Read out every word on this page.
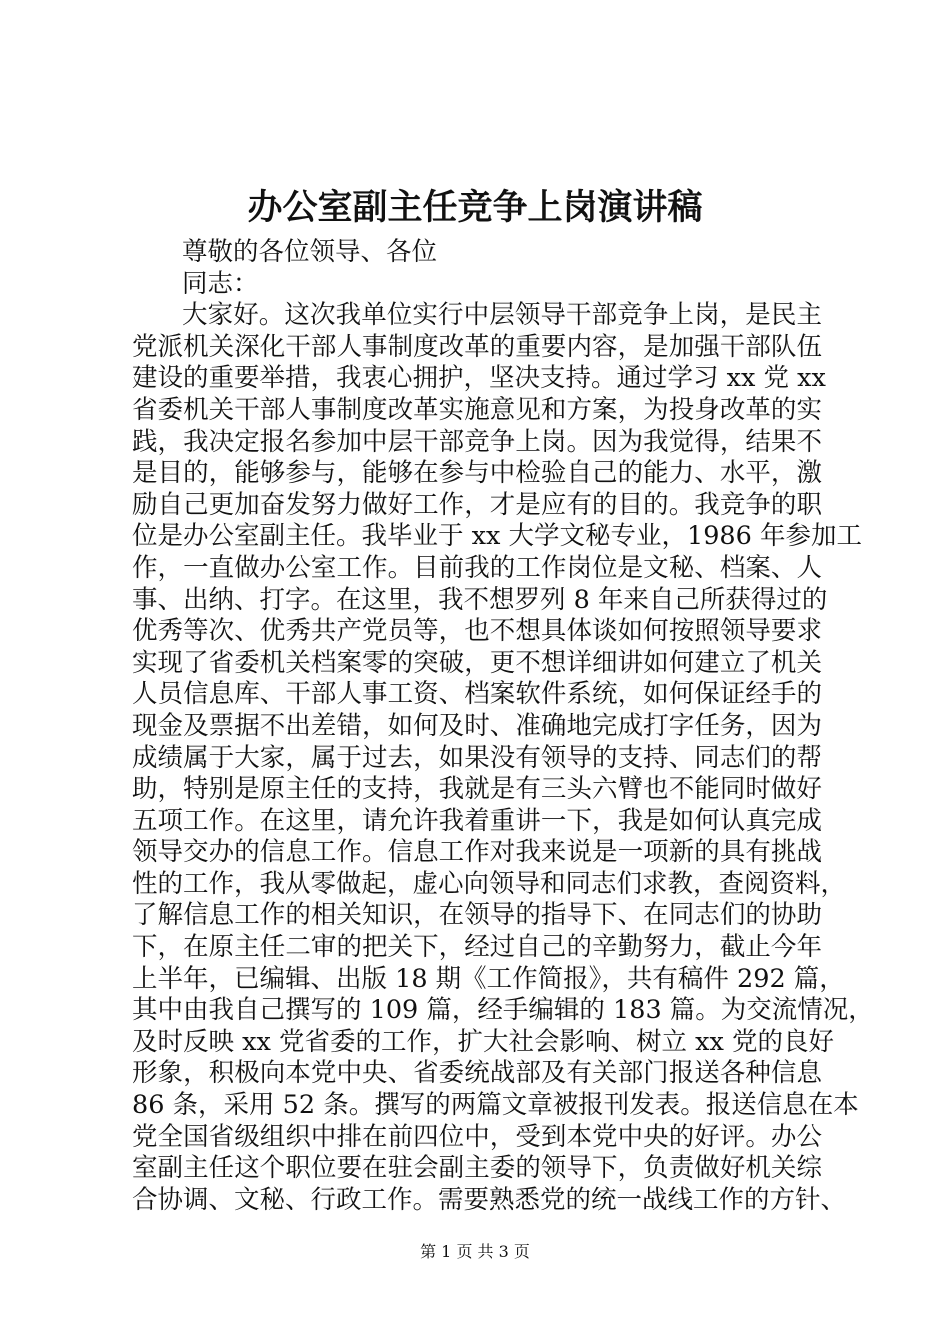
办公室副主任竞争上岗演讲稿
尊敬的各位领导、各位
同志：
大家好。这次我单位实行中层领导干部竞争上岗，是民主
党派机关深化干部人事制度改革的重要内容，是加强干部队伍
建设的重要举措，我衷心拥护，坚决支持。通过学习 xx 党 xx
省委机关干部人事制度改革实施意见和方案，为投身改革的实
践，我决定报名参加中层干部竞争上岗。因为我觉得，结果不
是目的，能够参与，能够在参与中检验自己的能力、水平，激
励自己更加奋发努力做好工作，才是应有的目的。我竞争的职
位是办公室副主任。我毕业于 xx 大学文秘专业，1986 年参加工
作，一直做办公室工作。目前我的工作岗位是文秘、档案、人
事、出纳、打字。在这里，我不想罗列 8 年来自己所获得过的
优秀等次、优秀共产党员等，也不想具体谈如何按照领导要求
实现了省委机关档案零的突破，更不想详细讲如何建立了机关
人员信息库、干部人事工资、档案软件系统，如何保证经手的
现金及票据不出差错，如何及时、准确地完成打字任务，因为
成绩属于大家，属于过去，如果没有领导的支持、同志们的帮
助，特别是原主任的支持，我就是有三头六臂也不能同时做好
五项工作。在这里，请允许我着重讲一下，我是如何认真完成
领导交办的信息工作。信息工作对我来说是一项新的具有挑战
性的工作，我从零做起，虚心向领导和同志们求教，查阅资料，
了解信息工作的相关知识，在领导的指导下、在同志们的协助
下，在原主任二审的把关下，经过自己的辛勤努力，截止今年
上半年，已编辑、出版 18 期《工作简报》，共有稿件 292 篇，
其中由我自己撰写的 109 篇，经手编辑的 183 篇。为交流情况，
及时反映 xx 党省委的工作，扩大社会影响、树立 xx 党的良好
形象，积极向本党中央、省委统战部及有关部门报送各种信息
86 条，采用 52 条。撰写的两篇文章被报刊发表。报送信息在本
党全国省级组织中排在前四位中，受到本党中央的好评。办公
室副主任这个职位要在驻会副主委的领导下，负责做好机关综
合协调、文秘、行政工作。需要熟悉党的统一战线工作的方针、
第 1 页 共 3 页
